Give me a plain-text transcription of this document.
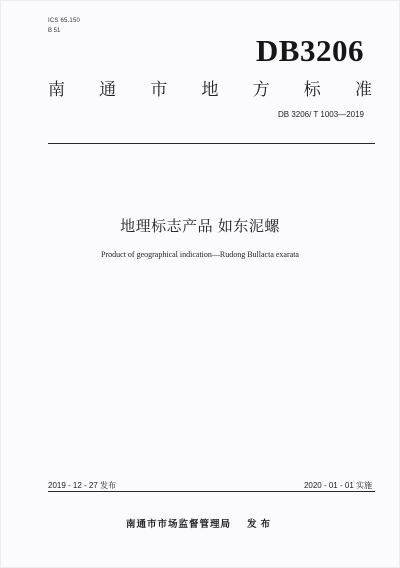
ICS 65.150
B 51
DB3206
南 通 市 地 方 标 准
DB 3206/ T 1003—2019
地理标志产品 如东泥螺
Product of geographical indication—Rudong Bullacta exarata
2019 - 12 - 27 发布	2020 - 01 - 01 实施
南通市市场监督管理局 发布
